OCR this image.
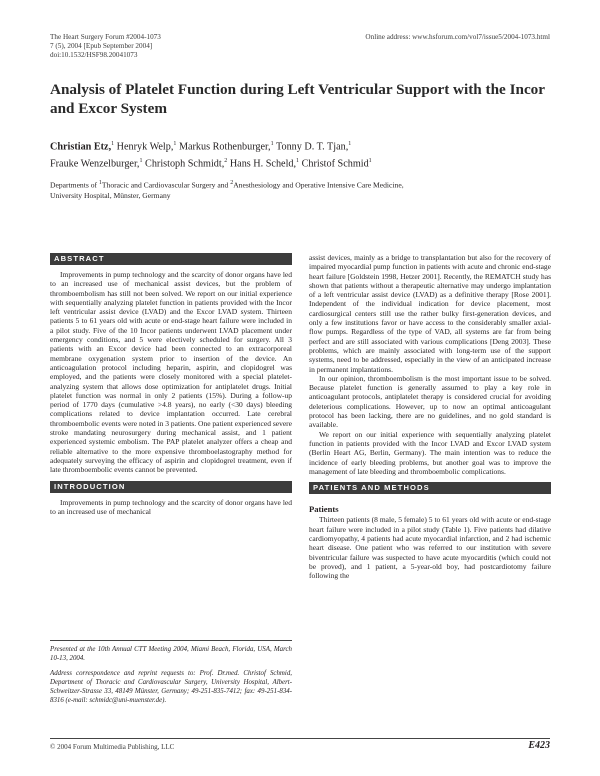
The Heart Surgery Forum #2004-1073
7 (5), 2004 [Epub September 2004]
doi:10.1532/HSF98.20041073
Online address: www.hsforum.com/vol7/issue5/2004-1073.html
Analysis of Platelet Function during Left Ventricular Support with the Incor and Excor System
Christian Etz,$^1$ Henryk Welp,$^1$ Markus Rothenburger,$^1$ Tonny D. T. Tjan,$^1$
Frauke Wenzelburger,$^1$ Christoph Schmidt,$^2$ Hans H. Scheld,$^1$ Christof Schmid$^1$
Departments of $^1$Thoracic and Cardiovascular Surgery and $^2$Anesthesiology and Operative Intensive Care Medicine,
University Hospital, Münster, Germany
ABSTRACT

Improvements in pump technology and the scarcity of donor organs have led to an increased use of mechanical assist devices, but the problem of thromboembolism has still not been solved. We report on our initial experience with sequentially analyzing platelet function in patients provided with the Incor left ventricular assist device (LVAD) and the Excor LVAD system. Thirteen patients 5 to 61 years old with acute or end-stage heart failure were included in a pilot study. Five of the 10 Incor patients underwent LVAD placement under emergency conditions, and 5 were electively scheduled for surgery. All 3 patients with an Excor device had been connected to an extracorporeal membrane oxygenation system prior to insertion of the device. An anticoagulation protocol including heparin, aspirin, and clopidogrel was employed, and the patients were closely monitored with a special platelet-analyzing system that allows dose optimization for antiplatelet drugs. Initial platelet function was normal in only 2 patients (15%). During a follow-up period of 1770 days (cumulative >4.8 years), no early (<30 days) bleeding complications related to device implantation occurred. Late cerebral thromboembolic events were noted in 3 patients. One patient experienced severe stroke mandating neurosurgery during mechanical assist, and 1 patient experienced systemic embolism. The PAP platelet analyzer offers a cheap and reliable alternative to the more expensive thromboelastography method for adequately surveying the efficacy of aspirin and clopidogrel treatment, even if late thromboembolic events cannot be prevented.

INTRODUCTION

Improvements in pump technology and the scarcity of donor organs have led to an increased use of mechanical

Presented at the 10th Annual CTT Meeting 2004, Miami Beach, Florida, USA, March 10-13, 2004.
Address correspondence and reprint requests to: Prof. Dr.med. Christof Schmid, Department of Thoracic and Cardiovascular Surgery, University Hospital, Albert-Schweitzer-Strasse 33, 48149 Münster, Germany; 49-251-835-7412; fax: 49-251-834-8316 (e-mail: schmidc@uni-muenster.de).

assist devices, mainly as a bridge to transplantation but also for the recovery of impaired myocardial pump function in patients with acute and chronic end-stage heart failure [Goldstein 1998, Hetzer 2001]. Recently, the REMATCH study has shown that patients without a therapeutic alternative may undergo implantation of a left ventricular assist device (LVAD) as a definitive therapy [Rose 2001]. Independent of the individual indication for device placement, most cardiosurgical centers still use the rather bulky first-generation devices, and only a few institutions favor or have access to the considerably smaller axial-flow pumps. Regardless of the type of VAD, all systems are far from being perfect and are still associated with various complications [Deng 2003]. These problems, which are mainly associated with long-term use of the support systems, need to be addressed, especially in the view of an anticipated increase in permanent implantations.

In our opinion, thromboembolism is the most important issue to be solved. Because platelet function is generally assumed to play a key role in anticoagulant protocols, antiplatelet therapy is considered crucial for avoiding deleterious complications. However, up to now an optimal anticoagulant protocol has been lacking, there are no guidelines, and no gold standard is available.

We report on our initial experience with sequentially analyzing platelet function in patients provided with the Incor LVAD and Excor LVAD system (Berlin Heart AG, Berlin, Germany). The main intention was to reduce the incidence of early bleeding problems, but another goal was to improve the management of late bleeding and thromboembolic complications.

PATIENTS AND METHODS
Patients

Thirteen patients (8 male, 5 female) 5 to 61 years old with acute or end-stage heart failure were included in a pilot study (Table 1). Five patients had dilative cardiomyopathy, 4 patients had acute myocardial infarction, and 2 had ischemic heart disease. One patient who was referred to our institution with severe biventricular failure was suspected to have acute myocarditis (which could not be proved), and 1 patient, a 5-year-old boy, had postcardiotomy failure following the

© 2004 Forum Multimedia Publishing, LLC	E423
